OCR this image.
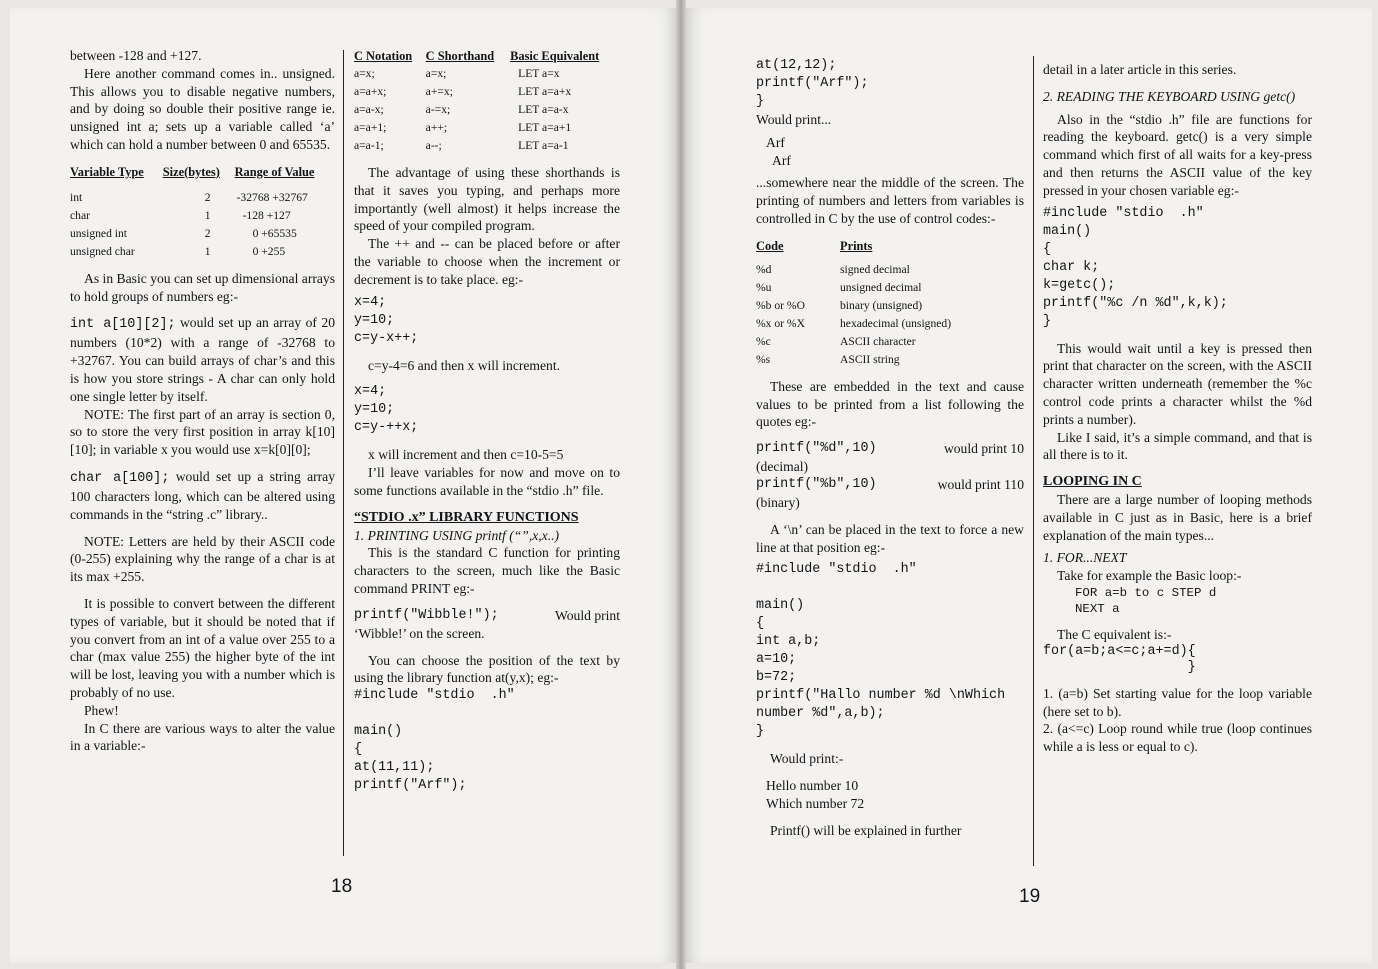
between -128 and +127.

Here another command comes in.. unsigned. This allows you to disable negative numbers, and by doing so double their positive range ie. unsigned int a; sets up a variable called ‘a’ which can hold a number between 0 and 65535.

Variable Type	Size(bytes)	Range of Value

int	2	-32768 +32767
char	1	-128 +127
unsigned int	2	0 +65535
unsigned char	1	0 +255

As in Basic you can set up dimensional arrays to hold groups of numbers eg:-

int a[10][2]; would set up an array of 20 numbers (10*2) with a range of -32768 to +32767. You can build arrays of char’s and this is how you store strings - A char can only hold one single letter by itself.

NOTE: The first part of an array is section 0, so to store the very first position in array k[10][10]; in variable x you would use x=k[0][0];

char a[100]; would set up a string array 100 characters long, which can be altered using commands in the “string .c” library..

NOTE: Letters are held by their ASCII code (0-255) explaining why the range of a char is at its max +255.

It is possible to convert between the different types of variable, but it should be noted that if you convert from an int of a value over 255 to a char (max value 255) the higher byte of the int will be lost, leaving you with a number which is probably of no use.

Phew!

In C there are various ways to alter the value in a variable:-

C Notation	C Shorthand	Basic Equivalent
a=x;	a=x;	LET a=x
a=a+x;	a+=x;	LET a=a+x
a=a-x;	a-=x;	LET a=a-x
a=a+1;	a++;	LET a=a+1
a=a-1;	a--;	LET a=a-1

The advantage of using these shorthands is that it saves you typing, and perhaps more importantly (well almost) it helps increase the speed of your compiled program.

The ++ and -- can be placed before or after the variable to choose when the increment or decrement is to take place. eg:-

x=4;
y=10;
c=y-x++;

c=y-4=6 and then x will increment.

x=4;
y=10;
c=y-++x;

x will increment and then c=10-5=5

I’ll leave variables for now and move on to some functions available in the “stdio .h” file.

“STDIO .x” LIBRARY FUNCTIONS
1. PRINTING USING printf (“”,x,x..)

This is the standard C function for printing characters to the screen, much like the Basic command PRINT eg:-

printf("Wibble!");	Would print

‘Wibble!’ on the screen.

You can choose the position of the text by using the library function at(y,x); eg:-

#include "stdio  .h"

main()
{
at(11,11);
printf("Arf");
18
at(12,12);
printf("Arf");
}

Would print...

Arf
Arf

...somewhere near the middle of the screen. The printing of numbers and letters from variables is controlled in C by the use of control codes:-

Code	Prints

%d	signed decimal
%u	unsigned decimal
%b or %O	binary (unsigned)
%x or %X	hexadecimal (unsigned)
%c	ASCII character
%s	ASCII string

These are embedded in the text and cause values to be printed from a list following the quotes eg:-

printf("%d",10)	would print 10

(decimal)

printf("%b",10)	would print 110

(binary)

A ‘\n’ can be placed in the text to force a new line at that position eg:-

#include "stdio  .h"

main()
{
int a,b;
a=10;
b=72;
printf("Hallo number %d \nWhich
number %d",a,b);
}

Would print:-

Hello number 10
Which number 72

Printf() will be explained in further

detail in a later article in this series.

2. READING THE KEYBOARD USING getc()

Also in the “stdio .h” file are functions for reading the keyboard. getc() is a very simple command which first of all waits for a key-press and then returns the ASCII value of the key pressed in your chosen variable eg:-

#include "stdio  .h"
main()
{
char k;
k=getc();
printf("%c /n %d",k,k);
}

This would wait until a key is pressed then print that character on the screen, with the ASCII character written underneath (remember the %c control code prints a character whilst the %d prints a number).

Like I said, it’s a simple command, and that is all there is to it.

LOOPING IN C

There are a large number of looping methods available in C just as in Basic, here is a brief explanation of the main types...

1. FOR...NEXT

Take for example the Basic loop:-

FOR a=b to c STEP d
NEXT a

The C equivalent is:-

for(a=b;a<=c;a+=d){
}

1. (a=b) Set starting value for the loop variable (here set to b).

2. (a<=c) Loop round while true (loop continues while a is less or equal to c).

19
